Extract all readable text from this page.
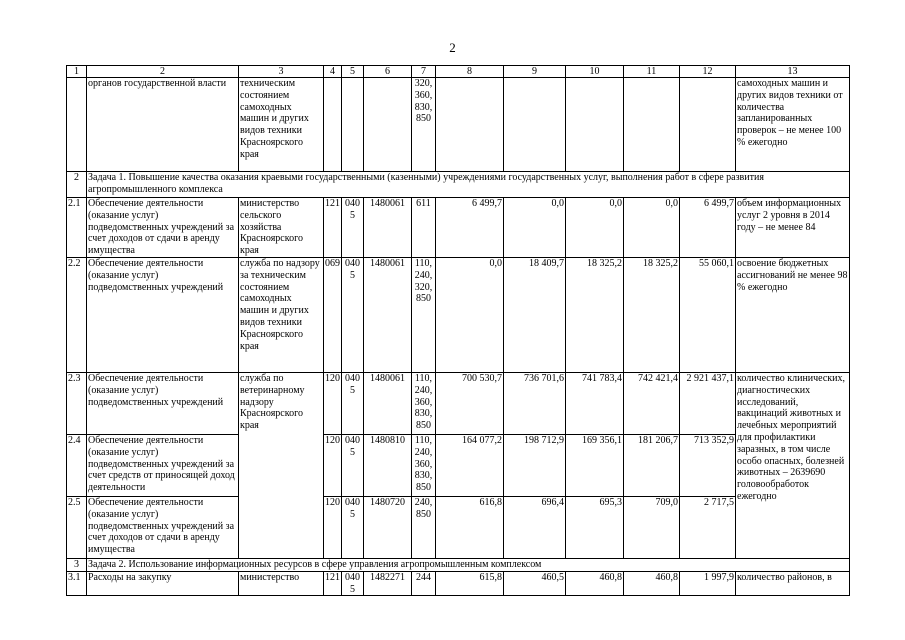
2
1	2	3	4	5	6	7	8	9	10	11	12	13
	органов государственной власти	техническим состоянием самоходных машин и других видов техники Красноярского края				320, 360, 830, 850						самоходных машин и других видов техники от количества запланированных проверок – не менее 100 % ежегодно
2	Задача 1. Повышение качества оказания краевыми государственными (казенными) учреждениями государственных услуг, выполнения работ в сфере развития агропромышленного комплекса											
2.1	Обеспечение деятельности (оказание услуг) подведомственных учреждений за счет доходов от сдачи в аренду имущества	министерство сельского хозяйства Красноярского края	121	0405	1480061	611	6 499,7	0,0	0,0	0,0	6 499,7	объем информационных услуг 2 уровня в 2014 году – не менее 84
2.2	Обеспечение деятельности (оказание услуг) подведомственных учреждений	служба по надзору за техническим состоянием самоходных машин и других видов техники Красноярского края	069	0405	1480061	110, 240, 320, 850	0,0	18 409,7	18 325,2	18 325,2	55 060,1	освоение бюджетных ассигнований не менее 98 % ежегодно
2.3	Обеспечение деятельности (оказание услуг) подведомственных учреждений	служба по ветеринарному надзору Красноярского края	120	0405	1480061	110, 240, 360, 830, 850	700 530,7	736 701,6	741 783,4	742 421,4	2 921 437,1	количество клинических, диагностических исследований, вакцинаций животных и лечебных мероприятий для профилактики заразных, в том числе особо опасных, болезней животных – 2639690 головообработок ежегодно
2.4	Обеспечение деятельности (оказание услуг) подведомственных учреждений за счет средств от приносящей доход деятельности		120	0405	1480810	110, 240, 360, 830, 850	164 077,2	198 712,9	169 356,1	181 206,7	713 352,9	
2.5	Обеспечение деятельности (оказание услуг) подведомственных учреждений за счет доходов от сдачи в аренду имущества		120	0405	1480720	240, 850	616,8	696,4	695,3	709,0	2 717,5	
3	Задача 2. Использование информационных ресурсов в сфере управления агропромышленным комплексом											
3.1	Расходы на закупку	министерство	121	0405	1482271	244	615,8	460,5	460,8	460,8	1 997,9	количество районов, в
